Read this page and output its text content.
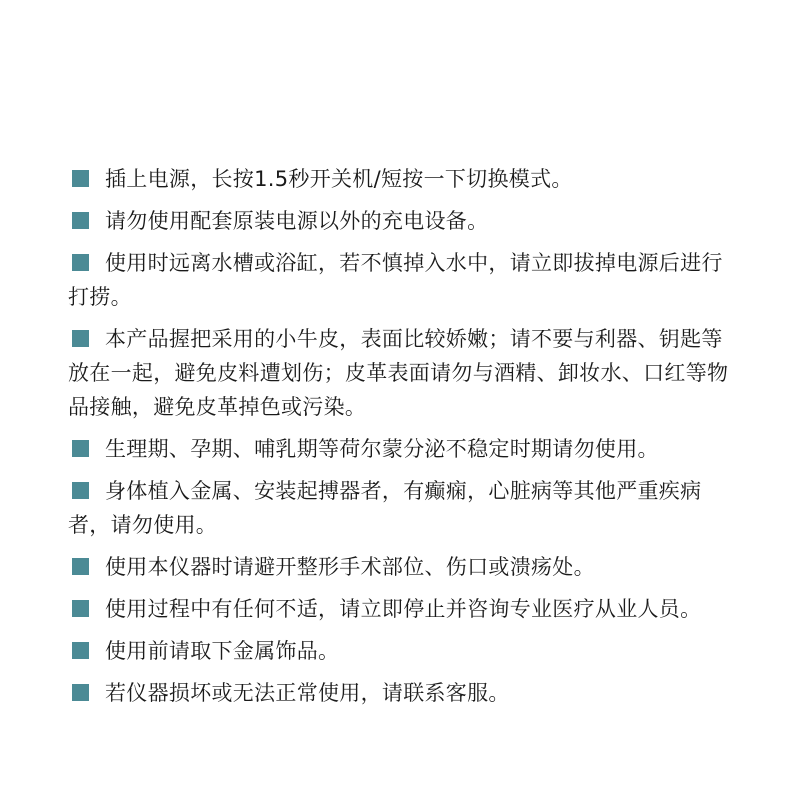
插上电源，长按1.5秒开关机/短按一下切换模式。
请勿使用配套原装电源以外的充电设备。
使用时远离水槽或浴缸，若不慎掉入水中，请立即拔掉电源后进行打捞。
本产品握把采用的小牛皮，表面比较娇嫩；请不要与利器、钥匙等放在一起，避免皮料遭划伤；皮革表面请勿与酒精、卸妆水、口红等物品接触，避免皮革掉色或污染。
生理期、孕期、哺乳期等荷尔蒙分泌不稳定时期请勿使用。
身体植入金属、安装起搏器者，有癫痫，心脏病等其他严重疾病者，请勿使用。
使用本仪器时请避开整形手术部位、伤口或溃疡处。
使用过程中有任何不适，请立即停止并咨询专业医疗从业人员。
使用前请取下金属饰品。
若仪器损坏或无法正常使用，请联系客服。
